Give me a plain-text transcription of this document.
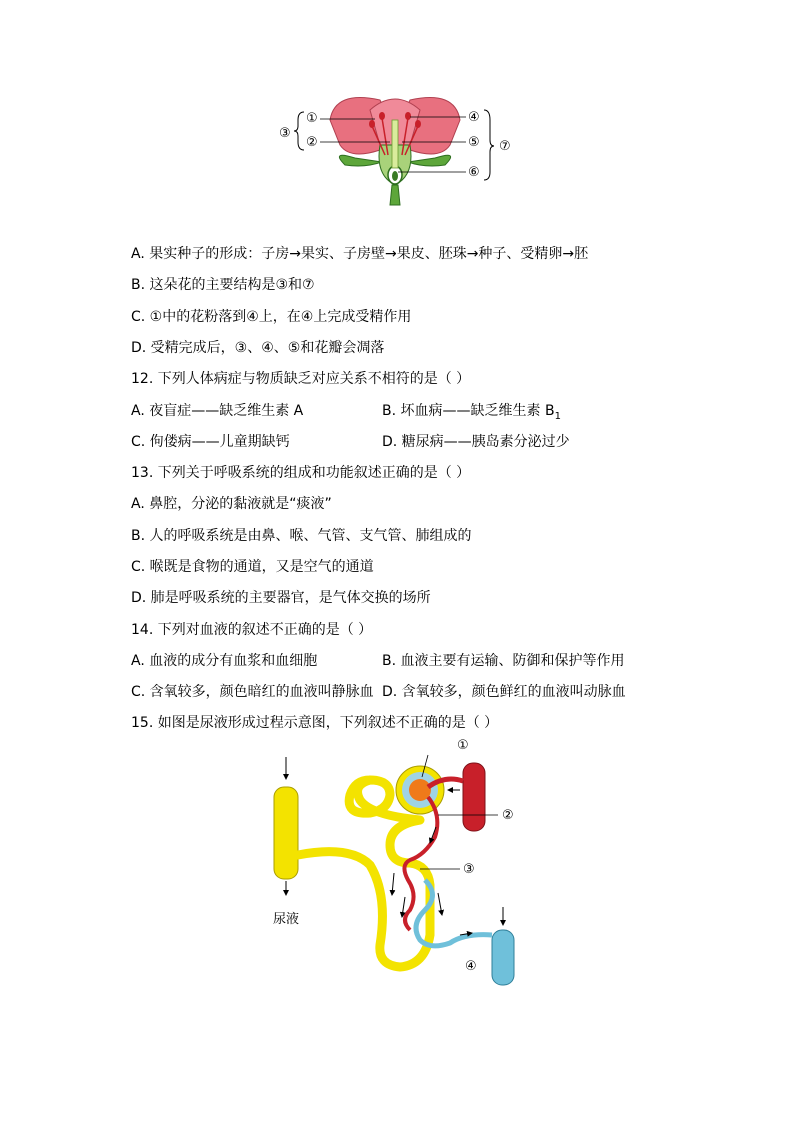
③
①
②
④
⑤
⑥
⑦
A. 果实种子的形成：子房→果实、子房壁→果皮、胚珠→种子、受精卵→胚
B. 这朵花的主要结构是③和⑦
C. ①中的花粉落到④上，在④上完成受精作用
D. 受精完成后，③、④、⑤和花瓣会凋落
12. 下列人体病症与物质缺乏对应关系不相符的是（ ）
A. 夜盲症——缺乏维生素 A	B. 坏血病——缺乏维生素 $B_1$
C. 佝偻病——儿童期缺钙	D. 糖尿病——胰岛素分泌过少
13. 下列关于呼吸系统的组成和功能叙述正确的是（ ）
A. 鼻腔，分泌的黏液就是“痰液”
B. 人的呼吸系统是由鼻、喉、气管、支气管、肺组成的
C. 喉既是食物的通道，又是空气的通道
D. 肺是呼吸系统的主要器官，是气体交换的场所
14. 下列对血液的叙述不正确的是（ ）
A. 血液的成分有血浆和血细胞	B. 血液主要有运输、防御和保护等作用
C. 含氧较多，颜色暗红的血液叫静脉血 D. 含氧较多，颜色鲜红的血液叫动脉血
15. 如图是尿液形成过程示意图，下列叙述不正确的是（ ）
①
②
③
④
尿液
